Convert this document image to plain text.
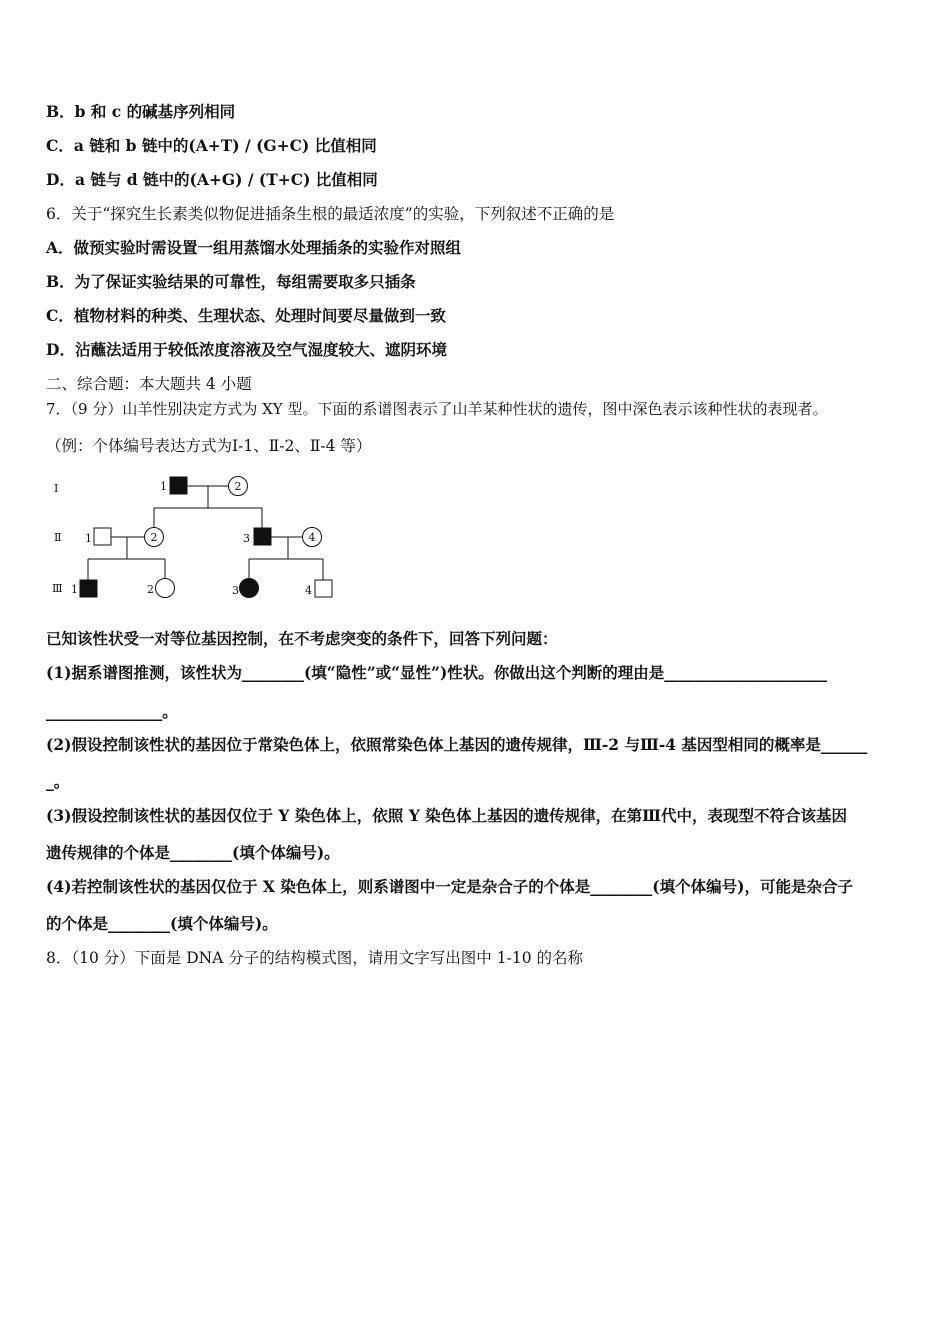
B．b 和 c 的碱基序列相同
C．a 链和 b 链中的(A+T) / (G+C) 比值相同
D．a 链与 d 链中的(A+G) / (T+C) 比值相同
6．关于“探究生长素类似物促进插条生根的最适浓度”的实验，下列叙述不正确的是
A．做预实验时需设置一组用蒸馏水处理插条的实验作对照组
B．为了保证实验结果的可靠性，每组需要取多只插条
C．植物材料的种类、生理状态、处理时间要尽量做到一致
D．沾蘸法适用于较低浓度溶液及空气湿度较大、遮阴环境
二、综合题：本大题共 4 小题
7．（9 分）山羊性别决定方式为 XY 型。下面的系谱图表示了山羊某种性状的遗传，图中深色表示该种性状的表现者。
（例：个体编号表达方式为Ⅰ-1、Ⅱ-2、Ⅱ-4 等）
Ⅰ
Ⅱ
Ⅲ
1	2
1	2	3	4
1	2	3	4
已知该性状受一对等位基因控制，在不考虑突变的条件下，回答下列问题：
(1)据系谱图推测，该性状为________(填“隐性”或“显性”)性状。你做出这个判断的理由是_____________________
_______________。
(2)假设控制该性状的基因位于常染色体上，依照常染色体上基因的遗传规律，Ⅲ-2 与Ⅲ-4 基因型相同的概率是______
_。
(3)假设控制该性状的基因仅位于 Y 染色体上，依照 Y 染色体上基因的遗传规律，在第Ⅲ代中，表现型不符合该基因
遗传规律的个体是________(填个体编号)。
(4)若控制该性状的基因仅位于 X 染色体上，则系谱图中一定是杂合子的个体是________(填个体编号)，可能是杂合子
的个体是________(填个体编号)。
8．（10 分）下面是 DNA 分子的结构模式图，请用文字写出图中 1-10 的名称
